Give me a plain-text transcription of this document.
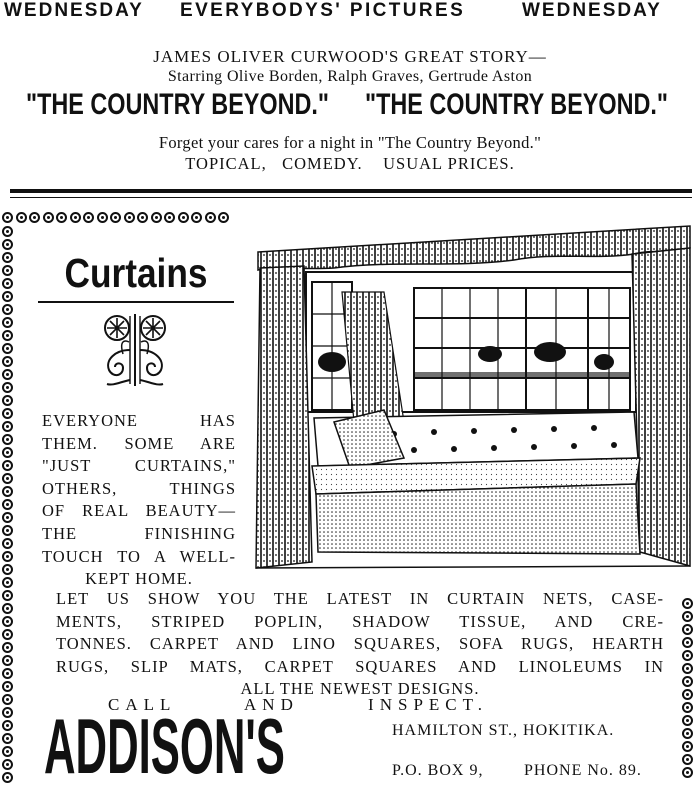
WEDNESDAY EVERYBODYS' PICTURES	WEDNESDAY
JAMES OLIVER CURWOOD'S GREAT STORY—
Starring Olive Borden, Ralph Graves, Gertrude Aston
"THE COUNTRY BEYOND." "THE COUNTRY BEYOND."
Forget your cares for a night in "The Country Beyond."
TOPICAL,   COMEDY.    USUAL PRICES.
Curtains
EVERYONE HAS
THEM. SOME ARE
"JUST CURTAINS,"
OTHERS, THINGS
OF REAL BEAUTY—
THE FINISHING
TOUCH TO A WELL-
KEPT HOME.
LET US SHOW YOU THE LATEST IN CURTAIN NETS, CASE-
MENTS, STRIPED POPLIN, SHADOW TISSUE, AND CRE-
TONNES. CARPET AND LINO SQUARES, SOFA RUGS, HEARTH
RUGS, SLIP MATS, CARPET SQUARES AND LINOLEUMS IN
ALL THE NEWEST DESIGNS.
CALL    AND    INSPECT.
ADDISON'S	HAMILTON ST., HOKITIKA.
P.O. BOX 9,	PHONE No. 89.
